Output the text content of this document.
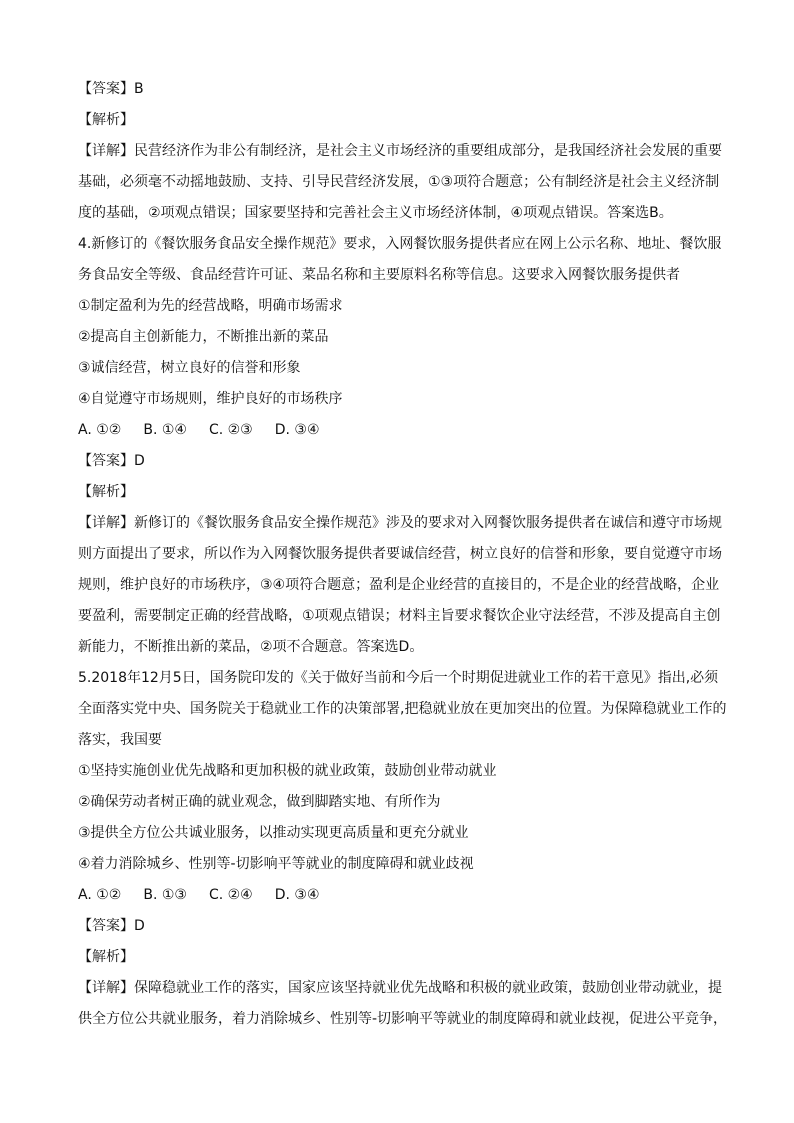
【答案】B
【解析】
【详解】民营经济作为非公有制经济，是社会主义市场经济的重要组成部分，是我国经济社会发展的重要
基础，必须毫不动摇地鼓励、支持、引导民营经济发展，①③项符合题意；公有制经济是社会主义经济制
度的基础，②项观点错误；国家要坚持和完善社会主义市场经济体制，④项观点错误。答案选B。
4.新修订的《餐饮服务食品安全操作规范》要求，入网餐饮服务提供者应在网上公示名称、地址、餐饮服
务食品安全等级、食品经营许可证、菜品名称和主要原料名称等信息。这要求入网餐饮服务提供者
①制定盈利为先的经营战略，明确市场需求
②提高自主创新能力，不断推出新的菜品
③诚信经营，树立良好的信誉和形象
④自觉遵守市场规则，维护良好的市场秩序
A. ①② B. ①④ C. ②③ D. ③④
【答案】D
【解析】
【详解】新修订的《餐饮服务食品安全操作规范》涉及的要求对入网餐饮服务提供者在诚信和遵守市场规
则方面提出了要求，所以作为入网餐饮服务提供者要诚信经营，树立良好的信誉和形象，要自觉遵守市场
规则，维护良好的市场秩序，③④项符合题意；盈利是企业经营的直接目的，不是企业的经营战略，企业
要盈利，需要制定正确的经营战略，①项观点错误；材料主旨要求餐饮企业守法经营，不涉及提高自主创
新能力，不断推出新的菜品，②项不合题意。答案选D。
5.2018年12月5日，国务院印发的《关于做好当前和今后一个时期促进就业工作的若干意见》指出,必须
全面落实党中央、国务院关于稳就业工作的决策部署,把稳就业放在更加突出的位置。为保障稳就业工作的
落实，我国要
①坚持实施创业优先战略和更加积极的就业政策，鼓励创业带动就业
②确保劳动者树正确的就业观念，做到脚踏实地、有所作为
③提供全方位公共诚业服务，以推动实现更高质量和更充分就业
④着力消除城乡、性别等-切影响平等就业的制度障碍和就业歧视
A. ①② B. ①③ C. ②④ D. ③④
【答案】D
【解析】
【详解】保障稳就业工作的落实，国家应该坚持就业优先战略和积极的就业政策，鼓励创业带动就业，提
供全方位公共就业服务，着力消除城乡、性别等-切影响平等就业的制度障碍和就业歧视，促进公平竞争，
